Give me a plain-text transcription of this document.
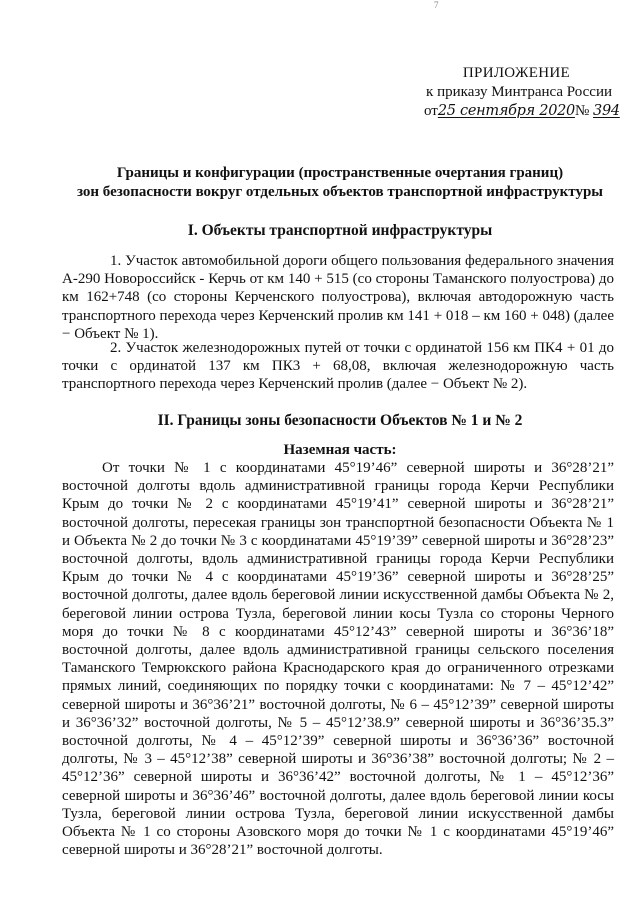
7
ПРИЛОЖЕНИЕ
к приказу Минтранса России
от25 сентября 2020№ 394
Границы и конфигурации (пространственные очертания границ)
зон безопасности вокруг отдельных объектов транспортной инфраструктуры
I. Объекты транспортной инфраструктуры
1. Участок автомобильной дороги общего пользования федерального значения А-290 Новороссийск - Керчь от км 140 + 515 (со стороны Таманского полуострова) до км 162+748 (со стороны Керченского полуострова), включая автодорожную часть транспортного перехода через Керченский пролив км 141 + 018 – км 160 + 048) (далее − Объект № 1).
2. Участок железнодорожных путей от точки с ординатой 156 км ПК4 + 01 до точки с ординатой 137 км ПК3 + 68,08, включая железнодорожную часть транспортного перехода через Керченский пролив (далее − Объект № 2).
II. Границы зоны безопасности Объектов № 1 и № 2
Наземная часть:
От точки № 1 с координатами 45°19’46” северной широты и 36°28’21” восточной долготы вдоль административной границы города Керчи Республики Крым до точки № 2 с координатами 45°19’41” северной широты и 36°28’21” восточной долготы, пересекая границы зон транспортной безопасности Объекта № 1 и Объекта № 2 до точки № 3 с координатами 45°19’39” северной широты и 36°28’23” восточной долготы, вдоль административной границы города Керчи Республики Крым до точки № 4 с координатами 45°19’36” северной широты и 36°28’25” восточной долготы, далее вдоль береговой линии искусственной дамбы Объекта № 2, береговой линии острова Тузла, береговой линии косы Тузла со стороны Черного моря до точки № 8 с координатами 45°12’43” северной широты и 36°36’18” восточной долготы, далее вдоль административной границы сельского поселения Таманского Темрюкского района Краснодарского края до ограниченного отрезками прямых линий, соединяющих по порядку точки с координатами: № 7 – 45°12’42” северной широты и 36°36’21” восточной долготы, № 6 – 45°12’39” северной широты и 36°36’32” восточной долготы, № 5 – 45°12’38.9” северной широты и 36°36’35.3” восточной долготы, № 4 – 45°12’39” северной широты и 36°36’36” восточной долготы, № 3 – 45°12’38” северной широты и 36°36’38” восточной долготы; № 2 – 45°12’36” северной широты и 36°36’42” восточной долготы, № 1 – 45°12’36” северной широты и 36°36’46” восточной долготы, далее вдоль береговой линии косы Тузла, береговой линии острова Тузла, береговой линии искусственной дамбы Объекта № 1 со стороны Азовского моря до точки № 1 с координатами 45°19’46” северной широты и 36°28’21” восточной долготы.
